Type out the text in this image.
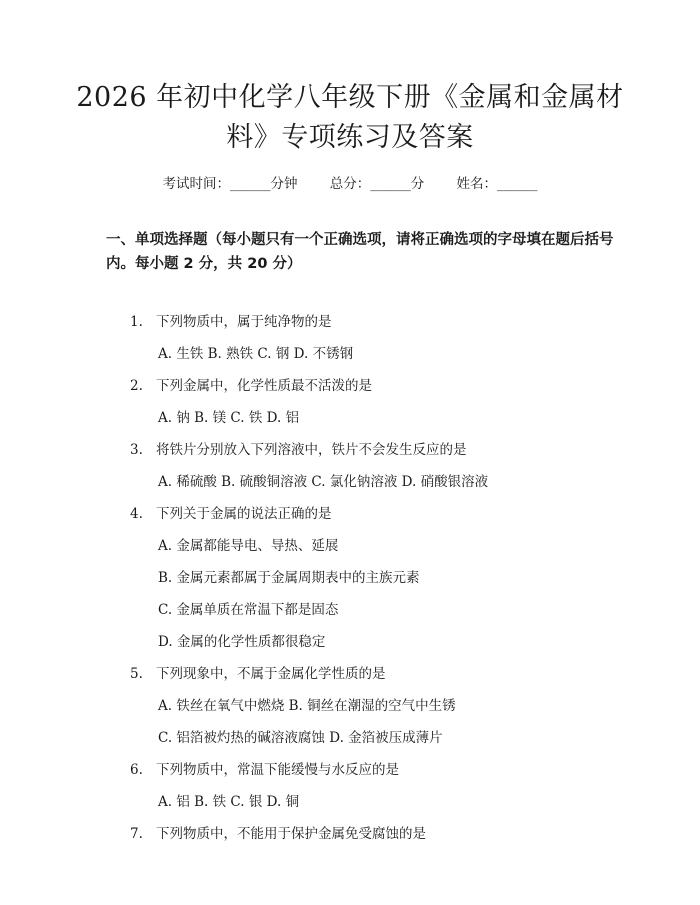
2026 年初中化学八年级下册《金属和金属材
料》专项练习及答案
考试时间：______分钟 总分：______分 姓名：______
一、单项选择题（每小题只有一个正确选项，请将正确选项的字母填在题后括号内。每小题 2 分，共 20 分）
1. 下列物质中，属于纯净物的是
A. 生铁 B. 熟铁 C. 钢 D. 不锈钢
2. 下列金属中，化学性质最不活泼的是
A. 钠 B. 镁 C. 铁 D. 铝
3. 将铁片分别放入下列溶液中，铁片不会发生反应的是
A. 稀硫酸 B. 硫酸铜溶液 C. 氯化钠溶液 D. 硝酸银溶液
4. 下列关于金属的说法正确的是
A. 金属都能导电、导热、延展
B. 金属元素都属于金属周期表中的主族元素
C. 金属单质在常温下都是固态
D. 金属的化学性质都很稳定
5. 下列现象中，不属于金属化学性质的是
A. 铁丝在氧气中燃烧 B. 铜丝在潮湿的空气中生锈
C. 铝箔被灼热的碱溶液腐蚀 D. 金箔被压成薄片
6. 下列物质中，常温下能缓慢与水反应的是
A. 铝 B. 铁 C. 银 D. 铜
7. 下列物质中，不能用于保护金属免受腐蚀的是
